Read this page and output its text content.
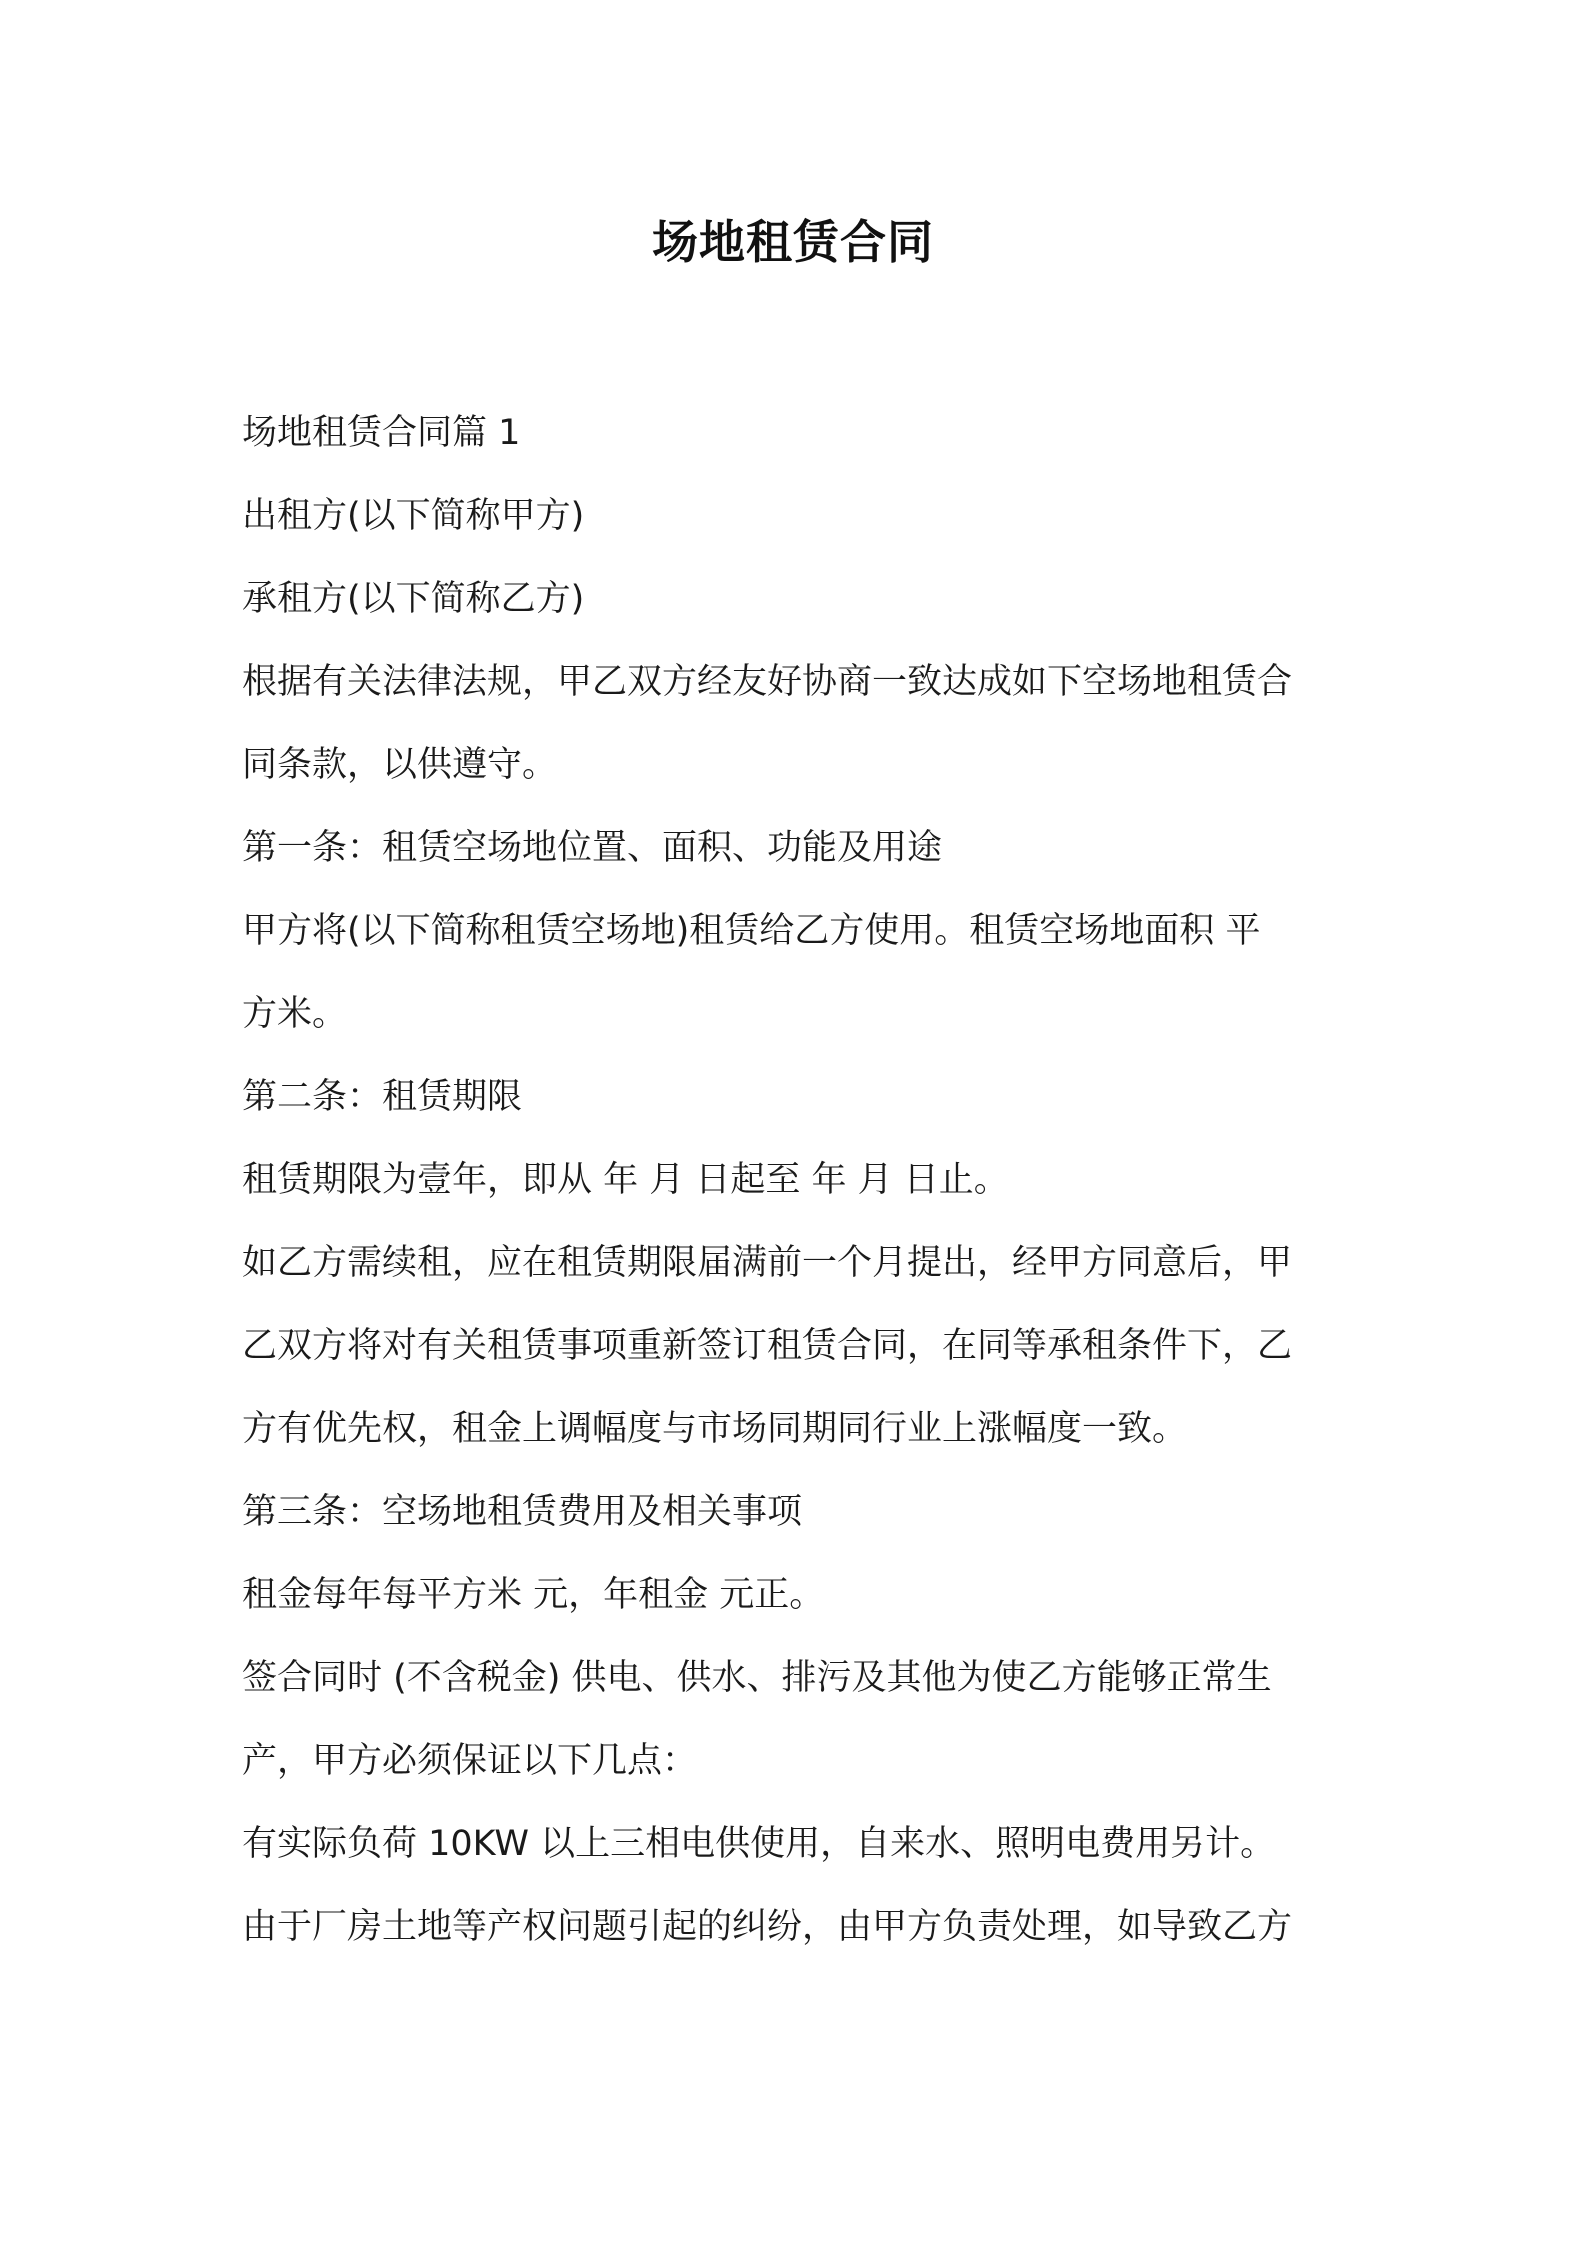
场地租赁合同
场地租赁合同篇 1
出租方(以下简称甲方)
承租方(以下简称乙方)
根据有关法律法规，甲乙双方经友好协商一致达成如下空场地租赁合
同条款，以供遵守。
第一条：租赁空场地位置、面积、功能及用途
甲方将(以下简称租赁空场地)租赁给乙方使用。租赁空场地面积 平
方米。
第二条：租赁期限
租赁期限为壹年，即从 年 月 日起至 年 月 日止。
如乙方需续租，应在租赁期限届满前一个月提出，经甲方同意后，甲
乙双方将对有关租赁事项重新签订租赁合同，在同等承租条件下，乙
方有优先权，租金上调幅度与市场同期同行业上涨幅度一致。
第三条：空场地租赁费用及相关事项
租金每年每平方米 元，年租金 元正。
签合同时 (不含税金) 供电、供水、排污及其他为使乙方能够正常生
产，甲方必须保证以下几点：
有实际负荷 10KW 以上三相电供使用，自来水、照明电费用另计。
由于厂房土地等产权问题引起的纠纷，由甲方负责处理，如导致乙方
